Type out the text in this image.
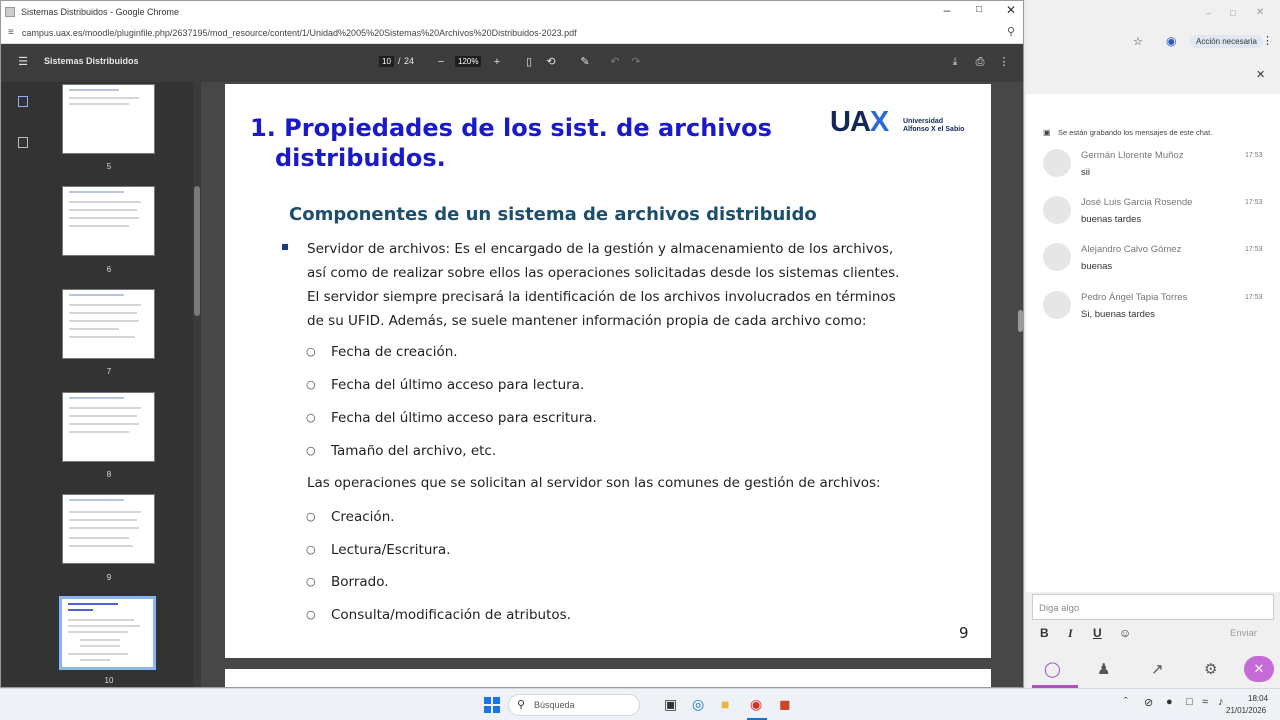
Sistemas Distribuidos - Google Chrome	–	□	✕
≡ campus.uax.es/moodle/pluginfile.php/2637195/mod_resource/content/1/Unidad%2005%20Sistemas%20Archivos%20Distribuidos-2023.pdf	⚲
☰	Sistemas Distribuidos	10 / 24	−	120%	+	▯	⟲	✎	↶	↷	⤓	⎙	⋮
5
6
7
8
9
10
1. Propiedades de los sist. de archivos
distribuidos.
UAX Universidad
Alfonso X el Sabio
Componentes de un sistema de archivos distribuido
Servidor de archivos: Es el encargado de la gestión y almacenamiento de los archivos,
así como de realizar sobre ellos las operaciones solicitadas desde los sistemas clientes.
El servidor siempre precisará la identificación de los archivos involucrados en términos
de su UFID. Además, se suele mantener información propia de cada archivo como:
○ Fecha de creación.
○ Fecha del último acceso para lectura.
○ Fecha del último acceso para escritura.
○ Tamaño del archivo, etc.
Las operaciones que se solicitan al servidor son las comunes de gestión de archivos:
○ Creación.
○ Lectura/Escritura.
○ Borrado.
○ Consulta/modificación de atributos.
9
– □ ✕
☆ ◉	Acción necesaria ⋮
✕
▣ Se están grabando los mensajes de este chat.
Germán Llorente Muñoz	17:53
sii
José Luis Garcia Rosende	17:53
buenas tardes
Alejandro Calvo Gómez	17:53
buenas
Pedro Ángel Tapia Torres	17:53
Si, buenas tardes
Diga algo
B I U ☺	Enviar
◯ ♟	↗	⚙	✕
⚲ Búsqueda	▣ ◎ ■ ◉ ◼	ˆ ⊘ ● □ ≈ ♪	18:04
21/01/2026
